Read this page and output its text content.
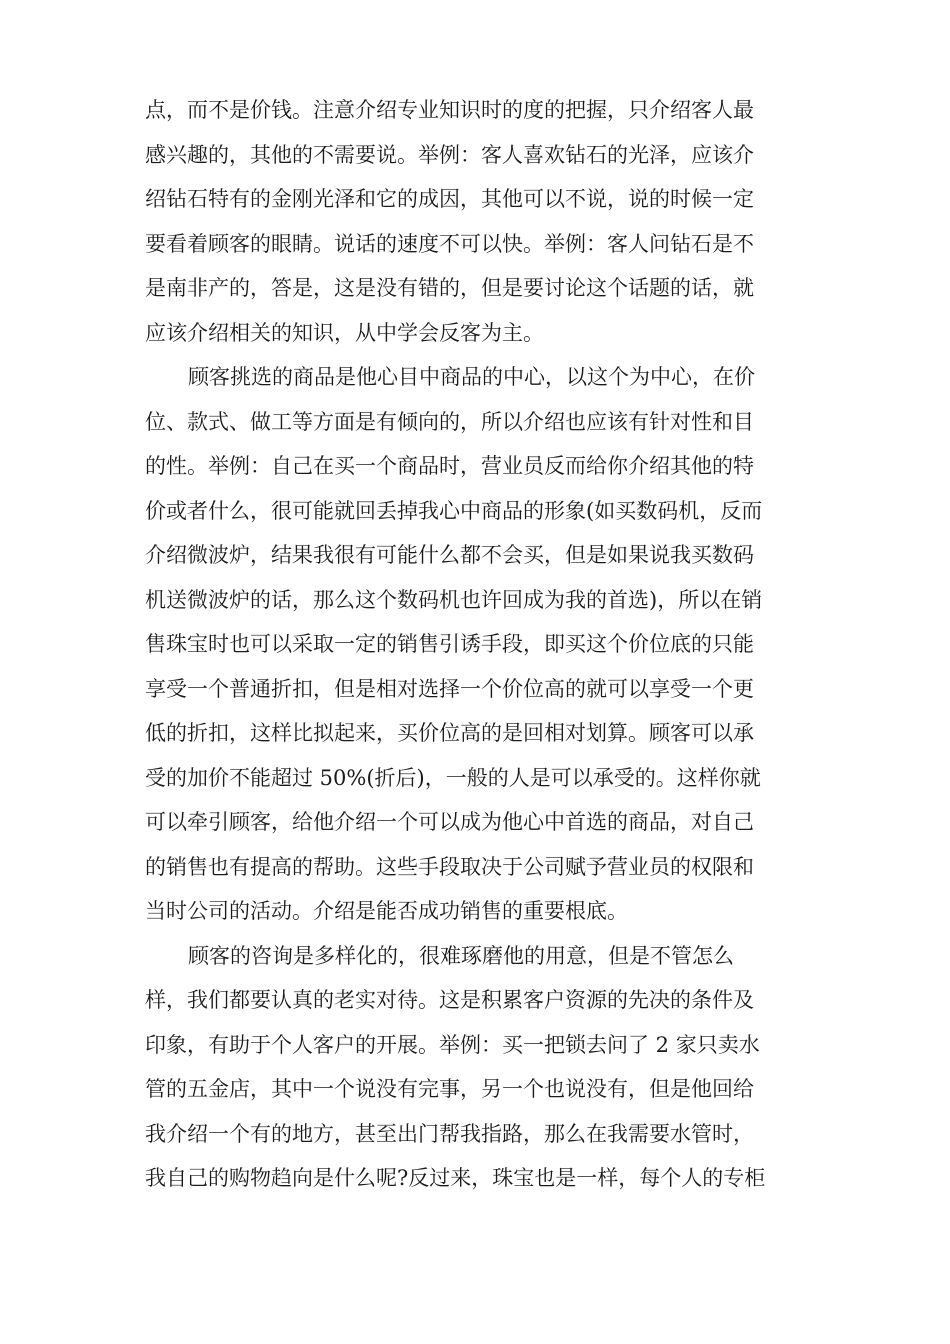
点，而不是价钱。注意介绍专业知识时的度的把握，只介绍客人最
感兴趣的，其他的不需要说。举例：客人喜欢钻石的光泽，应该介
绍钻石特有的金刚光泽和它的成因，其他可以不说，说的时候一定
要看着顾客的眼睛。说话的速度不可以快。举例：客人问钻石是不
是南非产的，答是，这是没有错的，但是要讨论这个话题的话，就
应该介绍相关的知识，从中学会反客为主。
顾客挑选的商品是他心目中商品的中心，以这个为中心，在价
位、款式、做工等方面是有倾向的，所以介绍也应该有针对性和目
的性。举例：自己在买一个商品时，营业员反而给你介绍其他的特
价或者什么，很可能就回丢掉我心中商品的形象(如买数码机，反而
介绍微波炉，结果我很有可能什么都不会买，但是如果说我买数码
机送微波炉的话，那么这个数码机也许回成为我的首选)，所以在销
售珠宝时也可以采取一定的销售引诱手段，即买这个价位底的只能
享受一个普通折扣，但是相对选择一个价位高的就可以享受一个更
低的折扣，这样比拟起来，买价位高的是回相对划算。顾客可以承
受的加价不能超过 50%(折后)，一般的人是可以承受的。这样你就
可以牵引顾客，给他介绍一个可以成为他心中首选的商品，对自己
的销售也有提高的帮助。这些手段取决于公司赋予营业员的权限和
当时公司的活动。介绍是能否成功销售的重要根底。
顾客的咨询是多样化的，很难琢磨他的用意，但是不管怎么
样，我们都要认真的老实对待。这是积累客户资源的先决的条件及
印象，有助于个人客户的开展。举例：买一把锁去问了 2 家只卖水
管的五金店，其中一个说没有完事，另一个也说没有，但是他回给
我介绍一个有的地方，甚至出门帮我指路，那么在我需要水管时，
我自己的购物趋向是什么呢?反过来，珠宝也是一样，每个人的专柜
